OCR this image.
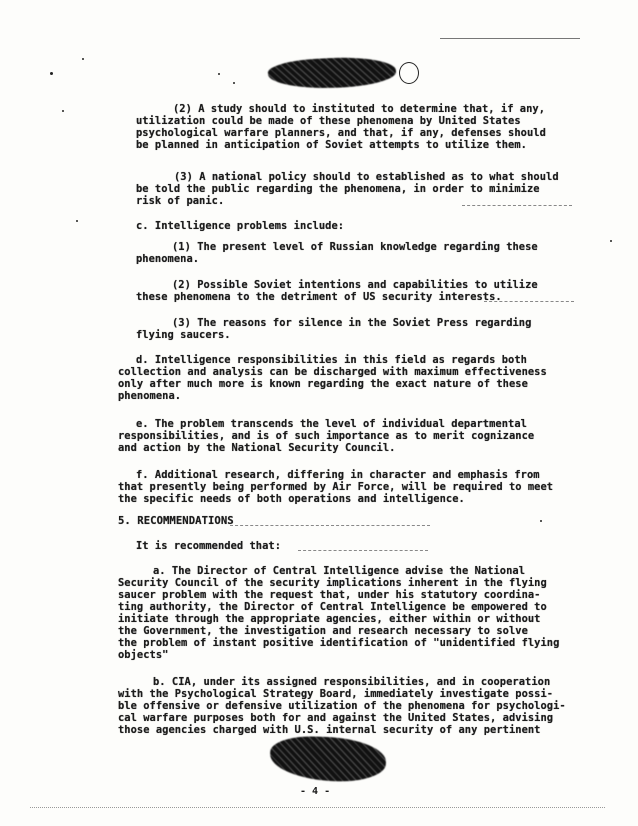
(2) A study should to instituted to determine that, if any,

utilization could be made of these phenomena by United States

psychological warfare planners, and that, if any, defenses should

be planned in anticipation of Soviet attempts to utilize them.

(3) A national policy should to established as to what should

be told the public regarding the phenomena, in order to minimize

risk of panic.

c. Intelligence problems include:

(1) The present level of Russian knowledge regarding these

phenomena.

(2) Possible Soviet intentions and capabilities to utilize

these phenomena to the detriment of US security interests.

(3) The reasons for silence in the Soviet Press regarding

flying saucers.

d. Intelligence responsibilities in this field as regards both

collection and analysis can be discharged with maximum effectiveness

only after much more is known regarding the exact nature of these

phenomena.

e. The problem transcends the level of individual departmental

responsibilities, and is of such importance as to merit cognizance

and action by the National Security Council.

f. Additional research, differing in character and emphasis from

that presently being performed by Air Force, will be required to meet

the specific needs of both operations and intelligence.

5. RECOMMENDATIONS

It is recommended that:

a. The Director of Central Intelligence advise the National

Security Council of the security implications inherent in the flying

saucer problem with the request that, under his statutory coordina-

ting authority, the Director of Central Intelligence be empowered to

initiate through the appropriate agencies, either within or without

the Government, the investigation and research necessary to solve

the problem of instant positive identification of "unidentified flying

objects"

b. CIA, under its assigned responsibilities, and in cooperation

with the Psychological Strategy Board, immediately investigate possi-

ble offensive or defensive utilization of the phenomena for psychologi-

cal warfare purposes both for and against the United States, advising

those agencies charged with U.S. internal security of any pertinent

- 4 -
